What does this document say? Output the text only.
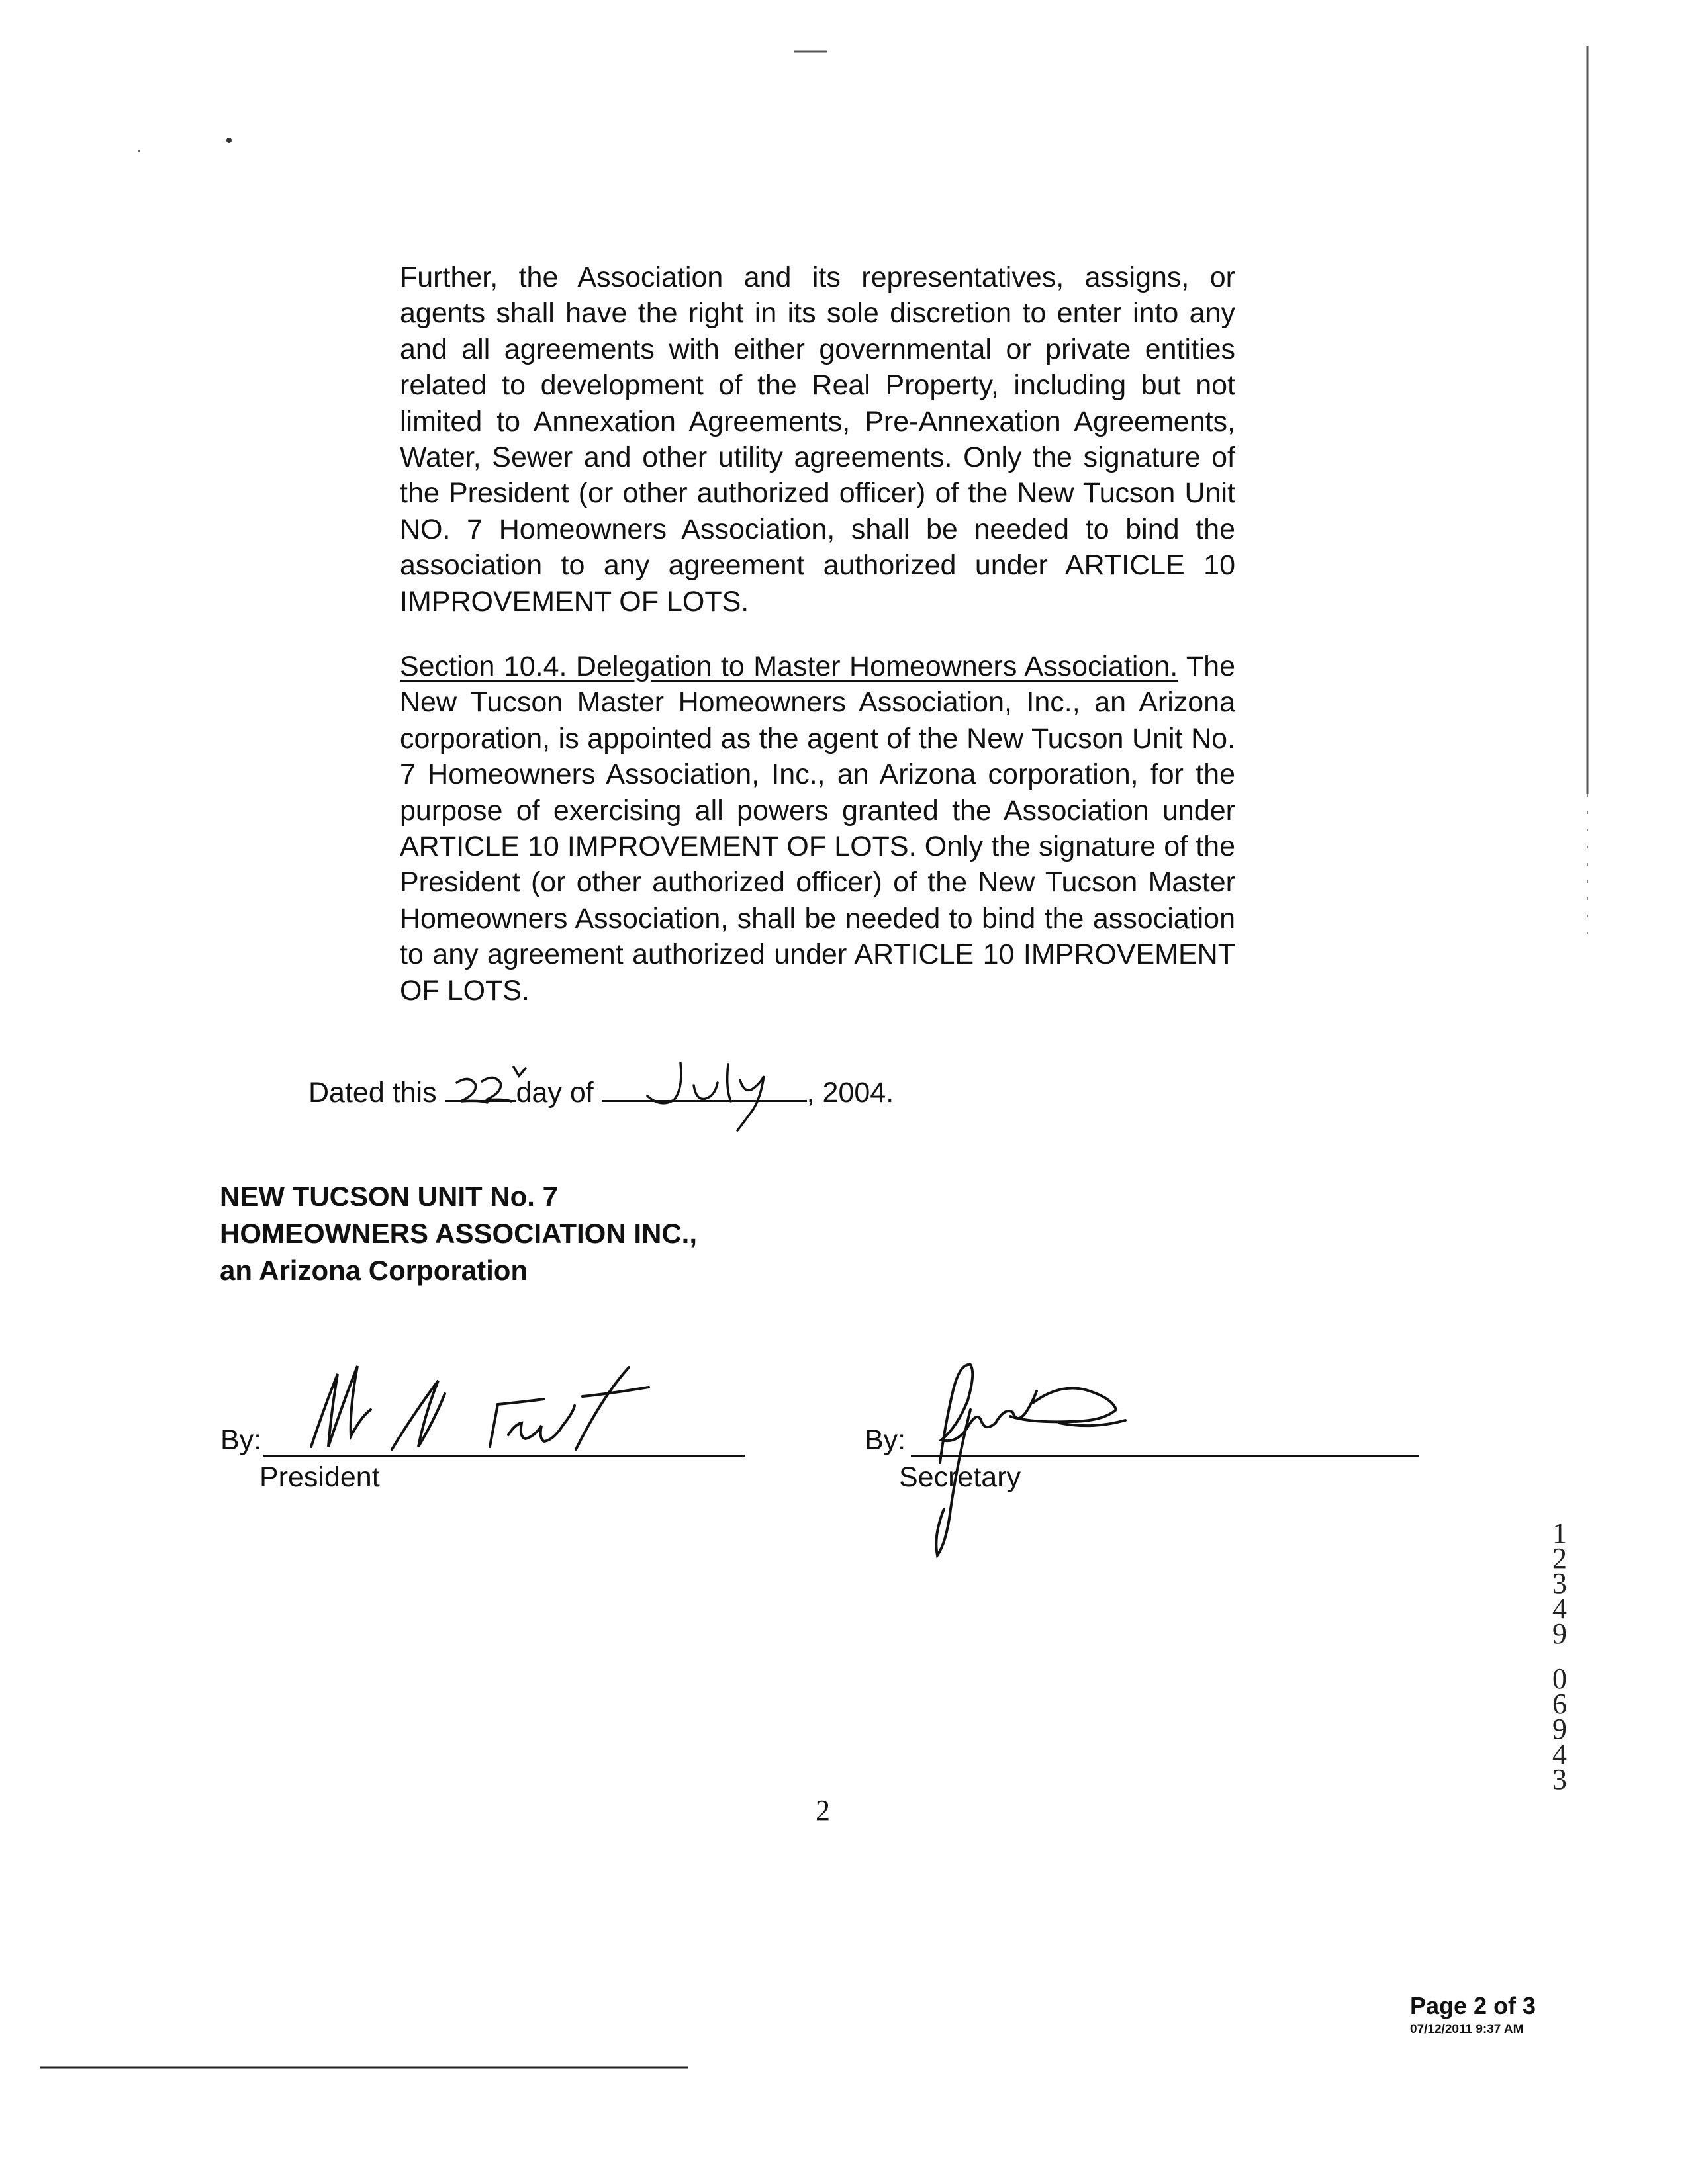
Further, the Association and its representatives, assigns, or agents shall have the right in its sole discretion to enter into any and all agreements with either governmental or private entities related to development of the Real Property, including but not limited to Annexation Agreements, Pre-Annexation Agreements, Water, Sewer and other utility agreements. Only the signature of the President (or other authorized officer) of the New Tucson Unit NO. 7 Homeowners Association, shall be needed to bind the association to any agreement authorized under ARTICLE 10 IMPROVEMENT OF LOTS.
Section 10.4. Delegation to Master Homeowners Association. The New Tucson Master Homeowners Association, Inc., an Arizona corporation, is appointed as the agent of the New Tucson Unit No. 7 Homeowners Association, Inc., an Arizona corporation, for the purpose of exercising all powers granted the Association under ARTICLE 10 IMPROVEMENT OF LOTS. Only the signature of the President (or other authorized officer) of the New Tucson Master Homeowners Association, shall be needed to bind the association to any agreement authorized under ARTICLE 10 IMPROVEMENT OF LOTS.
Dated this	day of	, 2004.
NEW TUCSON UNIT No. 7
HOMEOWNERS ASSOCIATION INC.,
an Arizona Corporation
By:
President
By:
Secretary
2
1
2
3
4
9
0
6
9
4
3
Page 2 of 3
07/12/2011 9:37 AM
